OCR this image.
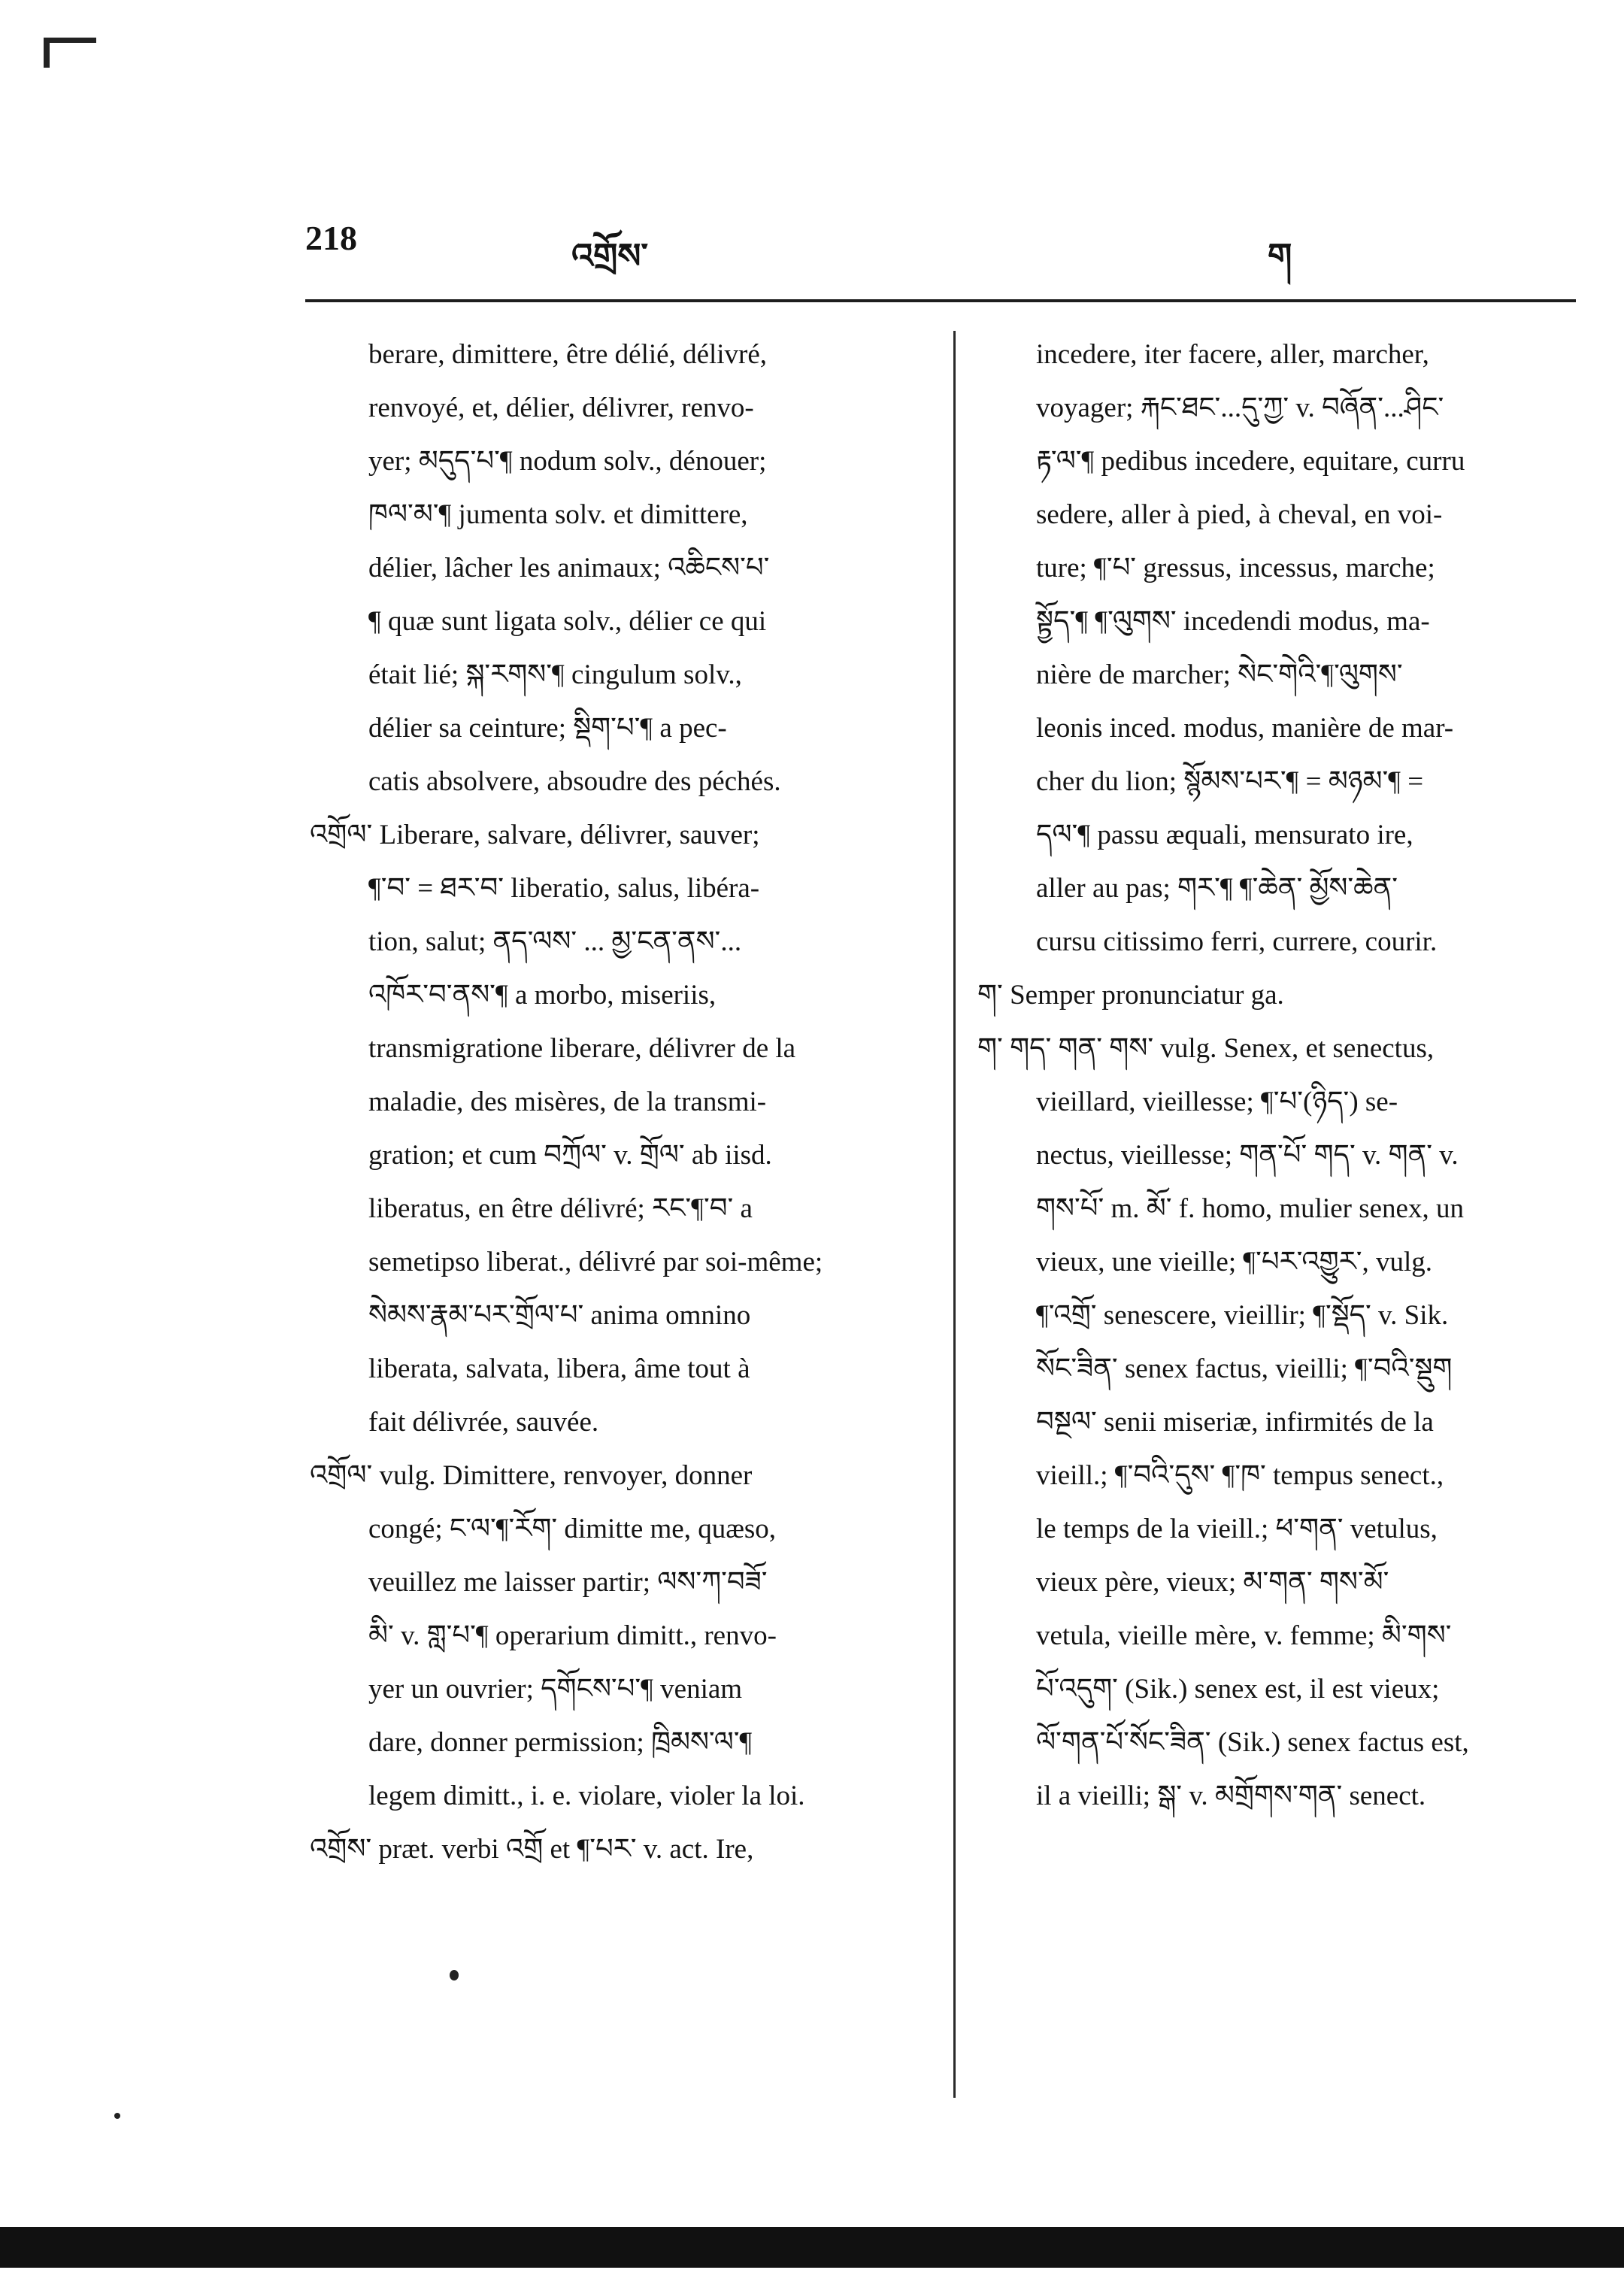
218	འགྲོས་	ག
berare, dimittere, être délié, délivré,
renvoyé, et, délier, délivrer, renvo-
yer; མདུད་པ་¶ nodum solv., dénouer;
ཁལ་མ་¶ jumenta solv. et dimittere,
délier, lâcher les animaux; འཆིངས་པ་
¶ quæ sunt ligata solv., délier ce qui
était lié; སྐ་རགས་¶ cingulum solv.,
délier sa ceinture; སྡིག་པ་¶ a pec-
catis absolvere, absoudre des péchés.
འགྲོལ་ Liberare, salvare, délivrer, sauver;
¶་བ་ = ཐར་བ་ liberatio, salus, libéra-
tion, salut; ནད་ལས་ ... མྱ་ངན་ནས་...
འཁོར་བ་ནས་¶ a morbo, miseriis,
transmigratione liberare, délivrer de la
maladie, des misères, de la transmi-
gration; et cum བཀྲོལ་ v. གྲོལ་ ab iisd.
liberatus, en être délivré; རང་¶་བ་ a
semetipso liberat., délivré par soi-même;
སེམས་རྣམ་པར་གྲོལ་པ་ anima omnino
liberata, salvata, libera, âme tout à
fait délivrée, sauvée.
འགྲོལ་ vulg. Dimittere, renvoyer, donner
congé; ང་ལ་¶་རོག་ dimitte me, quæso,
veuillez me laisser partir; ལས་ཀ་བཟོ་
མི་ v. གླ་པ་¶ operarium dimitt., renvo-
yer un ouvrier; དགོངས་པ་¶ veniam
dare, donner permission; ཁྲིམས་ལ་¶
legem dimitt., i. e. violare, violer la loi.
འགྲོས་ præt. verbi འགྲོ et ¶་པར་ v. act. Ire,
incedere, iter facere, aller, marcher,
voyager; རྐང་ཐང་...དུ་ཀྱ་ v. བཞོན་...ཤིང་
རྟ་ལ་¶ pedibus incedere, equitare, curru
sedere, aller à pied, à cheval, en voi-
ture; ¶་པ་ gressus, incessus, marche;
སྟྱོད་¶ ¶་ལུགས་ incedendi modus, ma-
nière de marcher; སེང་གེའི་¶་ལུགས་
leonis inced. modus, manière de mar-
cher du lion; སྙོམས་པར་¶ = མཉམ་¶ =
དལ་¶ passu æquali, mensurato ire,
aller au pas; གར་¶ ¶་ཆེན་ མྱོས་ཆེན་
cursu citissimo ferri, currere, courir.
ག་ Semper pronunciatur ga.
ག་ གད་ གན་ གས་ vulg. Senex, et senectus,
vieillard, vieillesse; ¶་པ་(ཉིད་) se-
nectus, vieillesse; གན་པོ་ གད་ v. གན་ v.
གས་པོ་ m. མོ་ f. homo, mulier senex, un
vieux, une vieille; ¶་པར་འགྱུར་, vulg.
¶་འགྲོ་ senescere, vieillir; ¶་སྡོད་ v. Sik.
སོང་ཟིན་ senex factus, vieilli; ¶་བའི་སྡུག
བསྔལ་ senii miseriæ, infirmités de la
vieill.; ¶་བའི་དུས་ ¶་ཁ་ tempus senect.,
le temps de la vieill.; ཕ་གན་ vetulus,
vieux père, vieux; མ་གན་ གས་མོ་
vetula, vieille mère, v. femme; མི་གས་
པོ་འདུག་ (Sik.) senex est, il est vieux;
ལོ་གན་པོ་སོང་ཟིན་ (Sik.) senex factus est,
il a vieilli; སྒ་ v. མགྲོགས་གན་ senect.
